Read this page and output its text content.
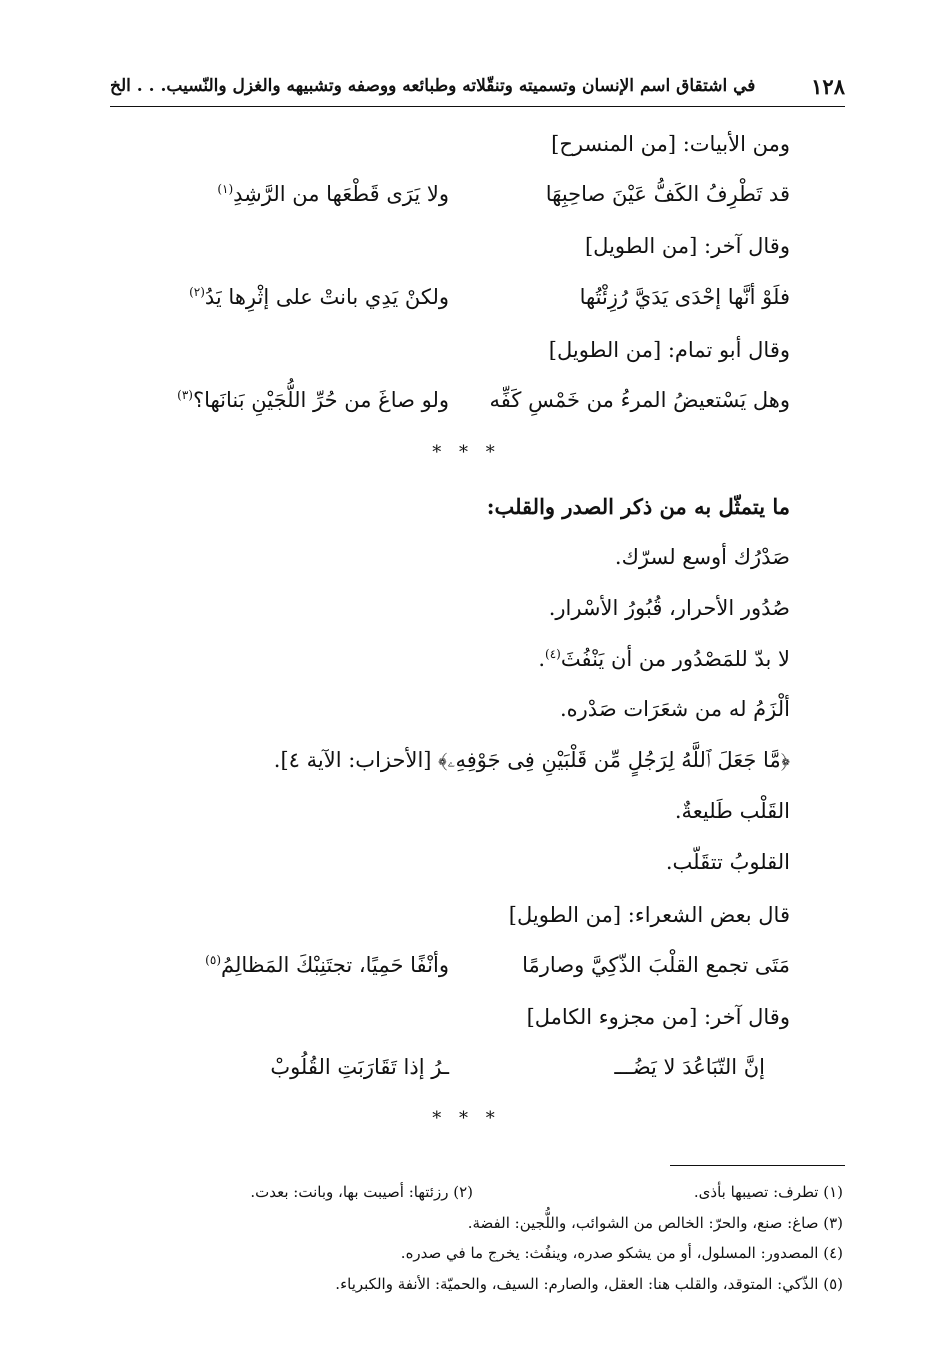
١٢٨
في اشتقاق اسم الإنسان وتسميته وتنقّلاته وطبائعه ووصفه وتشبيهه والغزل والنّسيب. . . الخ
ومن الأبيات: [من المنسرح]
قد تَطْرِفُ الكَفُّ عَيْنَ صاحِبِهَا
ولا يَرَى قَطْعَها من الرَّشِدِ$^{(١)}$
وقال آخر: [من الطويل]
فلَوْ أنَّها إحْدَى يَدَيَّ رُزِئْتُها
ولكنْ يَدِي بانتْ على إثْرِها يَدُ$^{(٢)}$
وقال أبو تمام: [من الطويل]
وهل يَسْتعيضُ المرءُ من خَمْسِ كَفِّه
ولو صاغَ من حُرِّ اللُّجَيْنِ بَنانَها؟$^{(٣)}$
* * *
ما يتمثّل به من ذكر الصدر والقلب:
صَدْرُك أوسع لسرّك.
صُدُور الأحرار، قُبُورُ الأسْرار.
لا بدّ للمَصْدُور من أن يَنْفُثَ$^{(٤)}$.
ألْزَمُ له من شعَرَات صَدْره.
﴿مَّا جَعَلَ ٱللَّهُ لِرَجُلٍ مِّن قَلْبَيْنِ فِى جَوْفِهِۦ﴾ [الأحزاب: الآية ٤].
القَلْب طَليعةٌ.
القلوبُ تتقَلّب.
قال بعض الشعراء: [من الطويل]
مَتَى تجمع القلْبَ الذّكِيَّ وصارمًا
وأنْفًا حَمِيًا، تجتَنِبْكَ المَظالِمُ$^{(٥)}$
وقال آخر: [من مجزوء الكامل]
إنَّ التّبَاعُدَ لا يَضُـــ
ـرُ إذا تَقَارَبَتِ القُلُوبْ
* * *
(١) تطرف: تصيبها بأذى.
(٢) رزئتها: أصيبت بها، وبانت: بعدت.
(٣) صاغ: صنع، والحرّ: الخالص من الشوائب، واللُّجين: الفضة.
(٤) المصدور: المسلول، أو من يشكو صدره، وينفُث: يخرج ما في صدره.
(٥) الذّكي: المتوقد، والقلب هنا: العقل، والصارم: السيف، والحميّة: الأنفة والكبرياء.
